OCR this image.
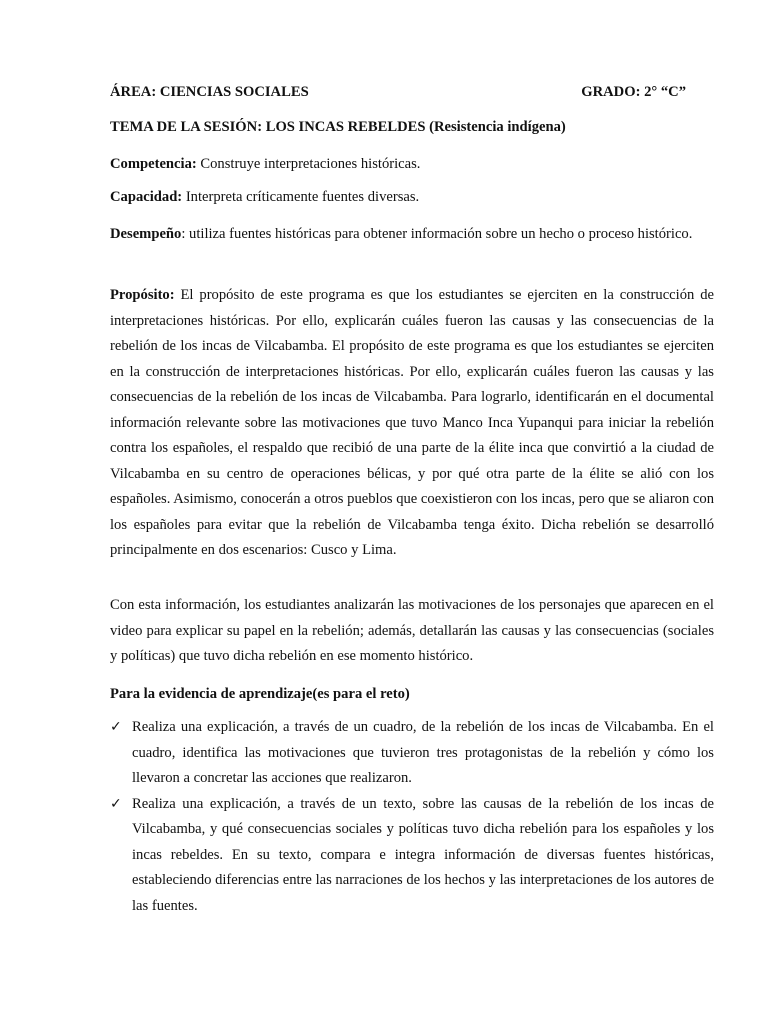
ÁREA: CIENCIAS SOCIALES	GRADO: 2° “C”
TEMA DE LA SESIÓN: LOS INCAS REBELDES (Resistencia indígena)
Competencia: Construye interpretaciones históricas.
Capacidad: Interpreta críticamente fuentes diversas.
Desempeño: utiliza fuentes históricas para obtener información sobre un hecho o proceso histórico.
Propósito: El propósito de este programa es que los estudiantes se ejerciten en la construcción de interpretaciones históricas. Por ello, explicarán cuáles fueron las causas y las consecuencias de la rebelión de los incas de Vilcabamba. El propósito de este programa es que los estudiantes se ejerciten en la construcción de interpretaciones históricas. Por ello, explicarán cuáles fueron las causas y las consecuencias de la rebelión de los incas de Vilcabamba. Para lograrlo, identificarán en el documental información relevante sobre las motivaciones que tuvo Manco Inca Yupanqui para iniciar la rebelión contra los españoles, el respaldo que recibió de una parte de la élite inca que convirtió a la ciudad de Vilcabamba en su centro de operaciones bélicas, y por qué otra parte de la élite se alió con los españoles. Asimismo, conocerán a otros pueblos que coexistieron con los incas, pero que se aliaron con los españoles para evitar que la rebelión de Vilcabamba tenga éxito. Dicha rebelión se desarrolló principalmente en dos escenarios: Cusco y Lima.
Con esta información, los estudiantes analizarán las motivaciones de los personajes que aparecen en el video para explicar su papel en la rebelión; además, detallarán las causas y las consecuencias (sociales y políticas) que tuvo dicha rebelión en ese momento histórico.
Para la evidencia de aprendizaje(es para el reto)
✓ Realiza una explicación, a través de un cuadro, de la rebelión de los incas de Vilcabamba. En el cuadro, identifica las motivaciones que tuvieron tres protagonistas de la rebelión y cómo los llevaron a concretar las acciones que realizaron.
✓ Realiza una explicación, a través de un texto, sobre las causas de la rebelión de los incas de Vilcabamba, y qué consecuencias sociales y políticas tuvo dicha rebelión para los españoles y los incas rebeldes. En su texto, compara e integra información de diversas fuentes históricas, estableciendo diferencias entre las narraciones de los hechos y las interpretaciones de los autores de las fuentes.
